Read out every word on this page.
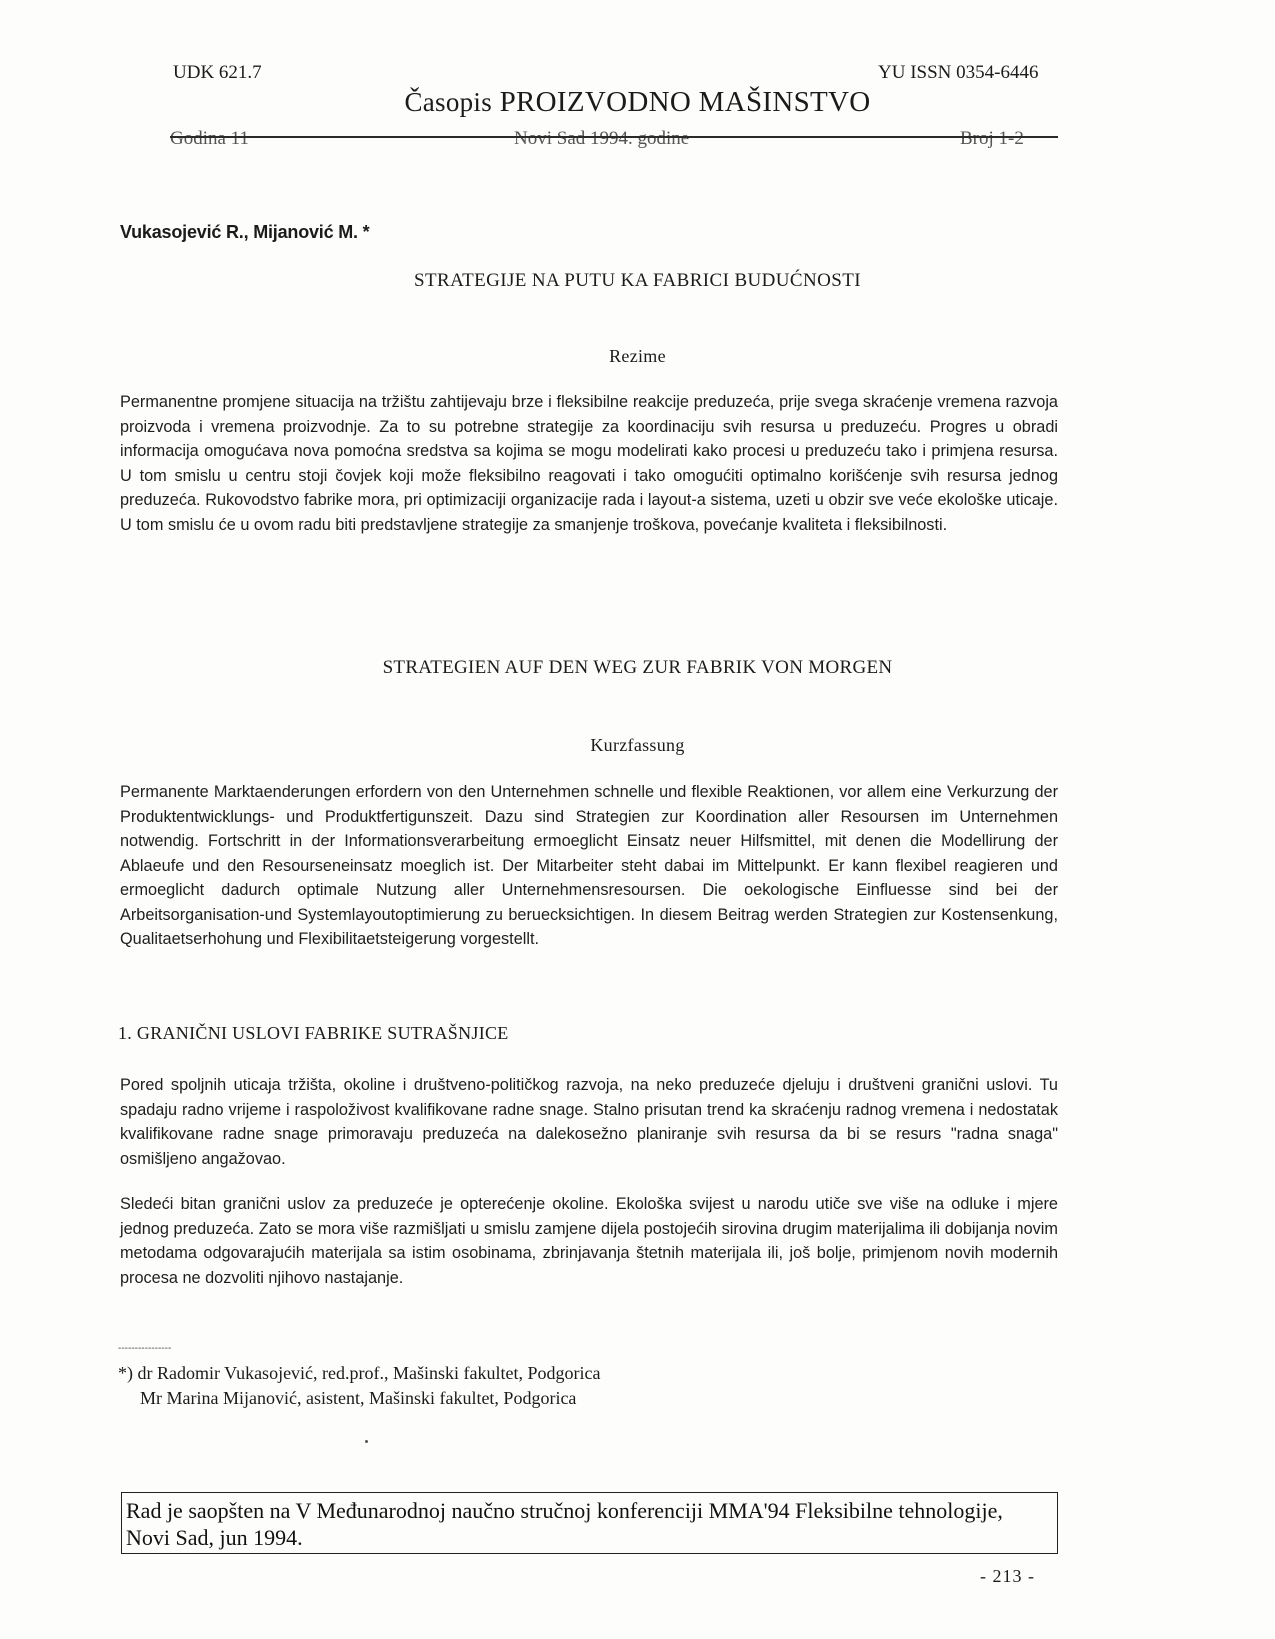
UDK 621.7	YU ISSN 0354-6446
Časopis PROIZVODNO MAŠINSTVO
Godina 11	Novi Sad 1994. godine	Broj 1-2
Vukasojević R., Mijanović M. *
STRATEGIJE NA PUTU KA FABRICI BUDUĆNOSTI
Rezime
Permanentne promjene situacija na tržištu zahtijevaju brze i fleksibilne reakcije preduzeća, prije svega skraćenje vremena razvoja proizvoda i vremena proizvodnje. Za to su potrebne strategije za koordinaciju svih resursa u preduzeću. Progres u obradi informacija omogućava nova pomoćna sredstva sa kojima se mogu modelirati kako procesi u preduzeću tako i primjena resursa. U tom smislu u centru stoji čovjek koji može fleksibilno reagovati i tako omogućiti optimalno korišćenje svih resursa jednog preduzeća. Rukovodstvo fabrike mora, pri optimizaciji organizacije rada i layout-a sistema, uzeti u obzir sve veće ekološke uticaje. U tom smislu će u ovom radu biti predstavljene strategije za smanjenje troškova, povećanje kvaliteta i fleksibilnosti.
STRATEGIEN AUF DEN WEG ZUR FABRIK VON MORGEN
Kurzfassung
Permanente Marktaenderungen erfordern von den Unternehmen schnelle und flexible Reaktionen, vor allem eine Verkurzung der Produktentwicklungs- und Produktfertigunszeit. Dazu sind Strategien zur Koordination aller Resoursen im Unternehmen notwendig. Fortschritt in der Informationsverarbeitung ermoeglicht Einsatz neuer Hilfsmittel, mit denen die Modellirung der Ablaeufe und den Resourseneinsatz moeglich ist. Der Mitarbeiter steht dabai im Mittelpunkt. Er kann flexibel reagieren und ermoeglicht dadurch optimale Nutzung aller Unternehmensresoursen. Die oekologische Einfluesse sind bei der Arbeitsorganisation-und Systemlayoutoptimierung zu beruecksichtigen. In diesem Beitrag werden Strategien zur Kostensenkung, Qualitaetserhohung und Flexibilitaetsteigerung vorgestellt.
1. GRANIČNI USLOVI FABRIKE SUTRAŠNJICE
Pored spoljnih uticaja tržišta, okoline i društveno-političkog razvoja, na neko preduzeće djeluju i društveni granični uslovi. Tu spadaju radno vrijeme i raspoloživost kvalifikovane radne snage. Stalno prisutan trend ka skraćenju radnog vremena i nedostatak kvalifikovane radne snage primoravaju preduzeća na dalekosežno planiranje svih resursa da bi se resurs "radna snaga" osmišljeno angažovao.
Sledeći bitan granični uslov za preduzeće je opterećenje okoline. Ekološka svijest u narodu utiče sve više na odluke i mjere jednog preduzeća. Zato se mora više razmišljati u smislu zamjene dijela postojećih sirovina drugim materijalima ili dobijanja novim metodama odgovarajućih materijala sa istim osobinama, zbrinjavanja štetnih materijala ili, još bolje, primjenom novih modernih procesa ne dozvoliti njihovo nastajanje.
----------------
*) dr Radomir Vukasojević, red.prof., Mašinski fakultet, Podgorica
Mr Marina Mijanović, asistent, Mašinski fakultet, Podgorica
Rad je saopšten na V Međunarodnoj naučno stručnoj konferenciji MMA'94 Fleksibilne tehnologije, Novi Sad, jun 1994.
- 213 -
